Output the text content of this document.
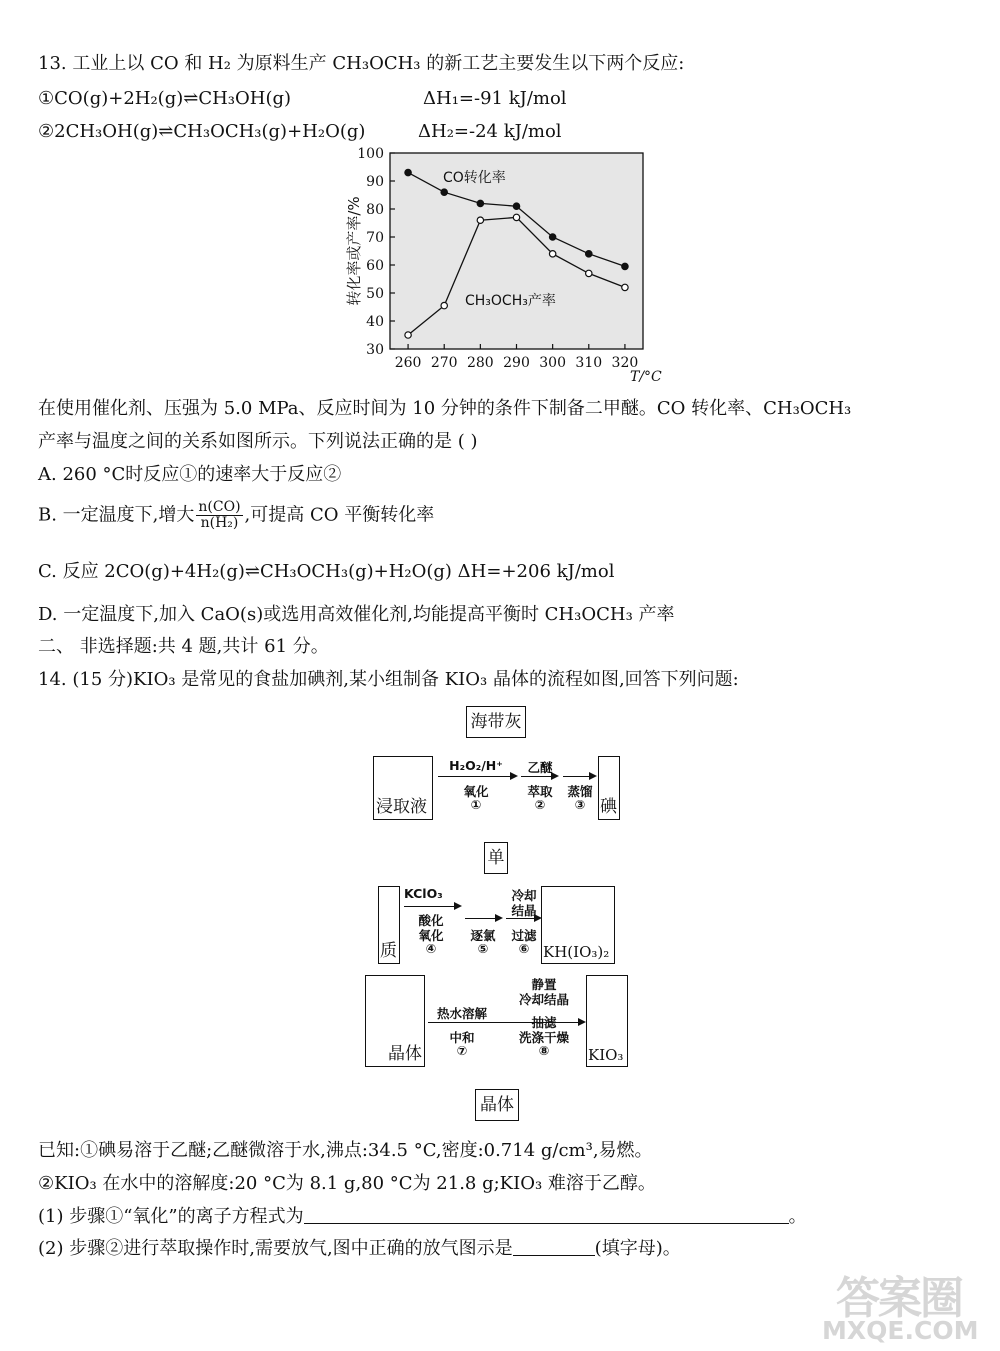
13. 工业上以 CO 和 H₂ 为原料生产 CH₃OCH₃ 的新工艺主要发生以下两个反应:
①CO(g)+2H₂(g)⇌CH₃OH(g)	ΔH₁=-91 kJ/mol
②2CH₃OH(g)⇌CH₃OCH₃(g)+H₂O(g)	ΔH₂=-24 kJ/mol
30
40
50
60
70
80
90
100
260 270 280 290 300 310 320
转化率或产率/%
T/°C
CO转化率
CH₃OCH₃产率
在使用催化剂、压强为 5.0 MPa、反应时间为 10 分钟的条件下制备二甲醚。CO 转化率、CH₃OCH₃
产率与温度之间的关系如图所示。下列说法正确的是 ( )
A. 260 °C时反应①的速率大于反应②
B. 一定温度下,增大 $\frac{n(CO)}{\text{n(H₂)}}$ ,可提高 CO 平衡转化率
C. 反应 2CO(g)+4H₂(g)⇌CH₃OCH₃(g)+H₂O(g) ΔH=+206 kJ/mol
D. 一定温度下,加入 CaO(s)或选用高效催化剂,均能提高平衡时 CH₃OCH₃ 产率
二、 非选择题:共 4 题,共计 61 分。
14. (15 分)KIO₃ 是常见的食盐加碘剂,某小组制备 KIO₃ 晶体的流程如图,回答下列问题:
海带灰
浸取液
H₂O₂/H⁺
氧化
①
乙醚
萃取
②
蒸馏
③ 碘
单
质
KClO₃
酸化
氧化
④
逐氯
⑤
冷却
结晶
过滤
⑥ KH(IO₃)₂
晶体
热水溶解
中和
⑦
静置
冷却结晶
抽滤
洗涤干燥
⑧	KIO₃
晶体
已知:①碘易溶于乙醚;乙醚微溶于水,沸点:34.5 °C,密度:0.714 g/cm³,易燃。
②KIO₃ 在水中的溶解度:20 °C为 8.1 g,80 °C为 21.8 g;KIO₃ 难溶于乙醇。
(1) 步骤①“氧化”的离子方程式为	。
(2) 步骤②进行萃取操作时,需要放气,图中正确的放气图示是	(填字母)。
答案圈
MXQE.COM
